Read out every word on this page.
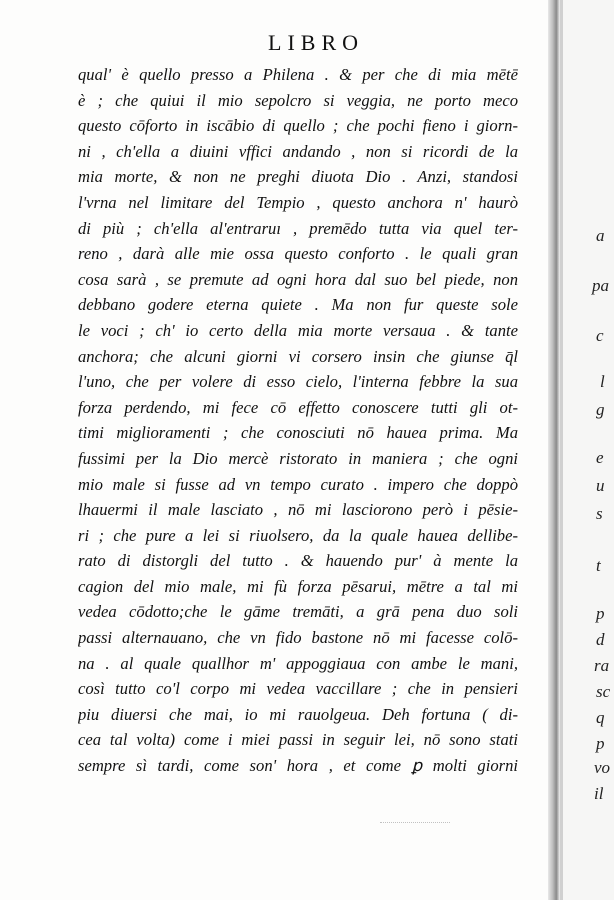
LIBRO
qual' è quello presso a Philena . & per che di mia mētē
è ; che quiui il mio sepolcro si veggia, ne porto meco
questo cōforto in iscābio di quello ; che pochi fieno i giorn-
ni , ch'ella a diuini vffici andando , non si ricordi de la
mia morte, & non ne preghi diuota Dio . Anzi, standosi
l'vrna nel limitare del Tempio , questo anchora n' haurò
di più ; ch'ella al'entraruı , premēdo tutta via quel ter-
reno , darà alle mie ossa questo conforto . le quali gran
cosa sarà , se premute ad ogni hora dal suo bel piede, non
debbano godere eterna quiete . Ma non fur queste sole
le voci ; ch' io certo della mia morte versaua . & tante
anchora; che alcuni giorni vi corsero insin che giunse q̄l
l'uno, che per volere di esso cielo, l'interna febbre la sua
forza perdendo, mi fece cō effetto conoscere tutti gli ot-
timi miglioramenti ; che conosciuti nō hauea prima. Ma
fussimi per la Dio mercè ristorato in maniera ; che ogni
mio male si fusse ad vn tempo curato . impero che doppò
lhauermi il male lasciato , nō mi lasciorono però i pēsie-
ri ; che pure a lei si riuolsero, da la quale hauea dellibe-
rato di distorgli del tutto . & hauendo pur' à mente la
cagion del mio male, mi fù forza pēsarui, mētre a tal mi
vedea cōdotto;che le gāme tremāti, a grā pena duo soli
passi alternauano, che vn fido bastone nō mi facesse colō-
na . al quale quallhor m' appoggiaua con ambe le mani,
così tutto co'l corpo mi vedea vaccillare ; che in pensieri
piu diuersi che mai, io mi rauolgeua. Deh fortuna ( di-
cea tal volta) come i miei passi in seguir lei, nō sono stati
sempre sì tardi, come son' hora , et come ꝑ molti giorni
a
pa
c
l
g
e
u
s
t
p
d
ra
sc
q
p
vo
il
